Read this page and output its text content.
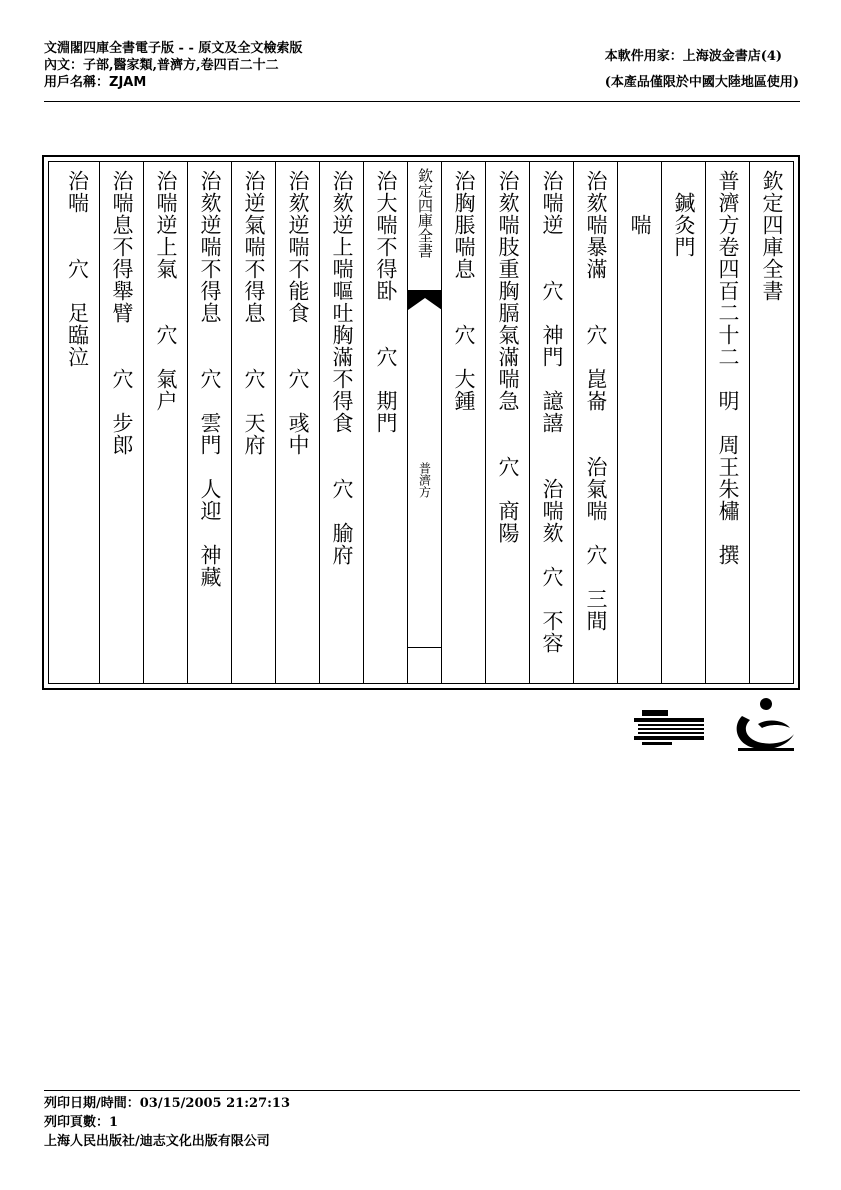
文淵閣四庫全書電子版 - - 原文及全文檢索版
內文：子部,醫家類,普濟方,卷四百二十二
用戶名稱：ZJAM
本軟件用家：上海波金書店(4)
(本產品僅限於中國大陸地區使用)
欽定四庫全書
普濟方卷四百二十二　明　周王朱橚　撰
　鍼灸門
　　喘
治欬喘暴滿　　穴　崑崙　　治氣喘　穴　三間
治喘逆　　穴　神門　譩譆　　治喘欬　穴　不容
治欬喘肢重胸膈氣滿喘急　　穴　商陽
治胸脹喘息　　穴　大鍾
欽定四庫全書
普濟方
治大喘不得卧　　穴　期門
治欬逆上喘嘔吐胸滿不得食　　穴　腧府
治欬逆喘不能食　　穴　彧中
治逆氣喘不得息　　穴　天府
治欬逆喘不得息　　穴　雲門　人迎　神藏
治喘逆上氣　　穴　氣户
治喘息不得舉臂　　穴　步郎
治喘　　穴　足臨泣
列印日期/時間：03/15/2005 21:27:13
列印頁數：1
上海人民出版社/迪志文化出版有限公司
